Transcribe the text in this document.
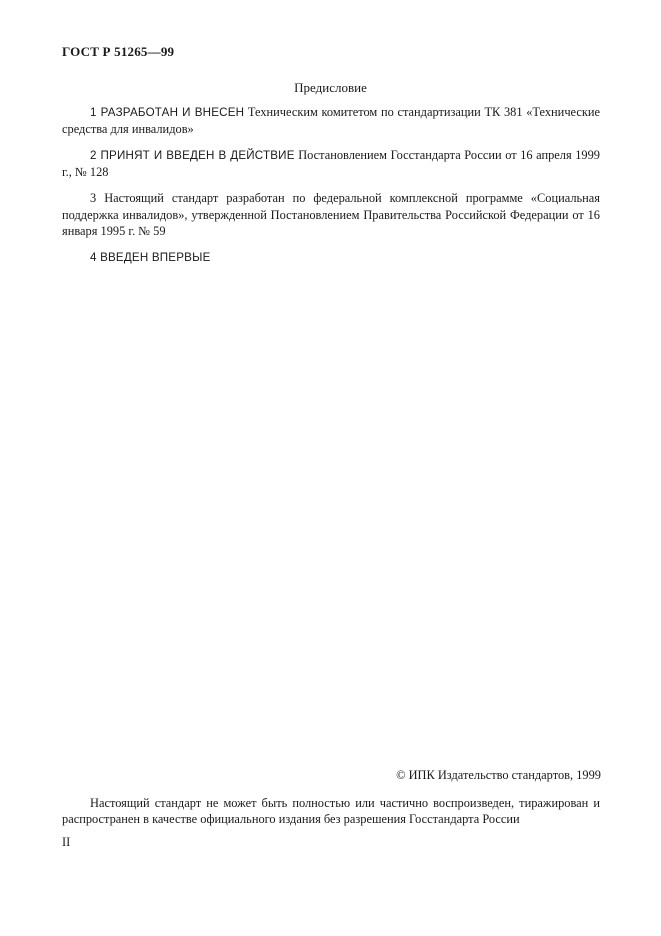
ГОСТ Р 51265—99
Предисловие

1 РАЗРАБОТАН И ВНЕСЕН Техническим комитетом по стандартизации ТК 381 «Технические средства для инвалидов»

2 ПРИНЯТ И ВВЕДЕН В ДЕЙСТВИЕ Постановлением Госстандарта России от 16 апреля 1999 г., № 128

3 Настоящий стандарт разработан по федеральной комплексной программе «Социальная поддержка инвалидов», утвержденной Постановлением Правительства Российской Федерации от 16 января 1995 г. № 59

4 ВВЕДЕН ВПЕРВЫЕ

© ИПК Издательство стандартов, 1999
Настоящий стандарт не может быть полностью или частично воспроизведен, тиражирован и распространен в качестве официального издания без разрешения Госстандарта России
II
